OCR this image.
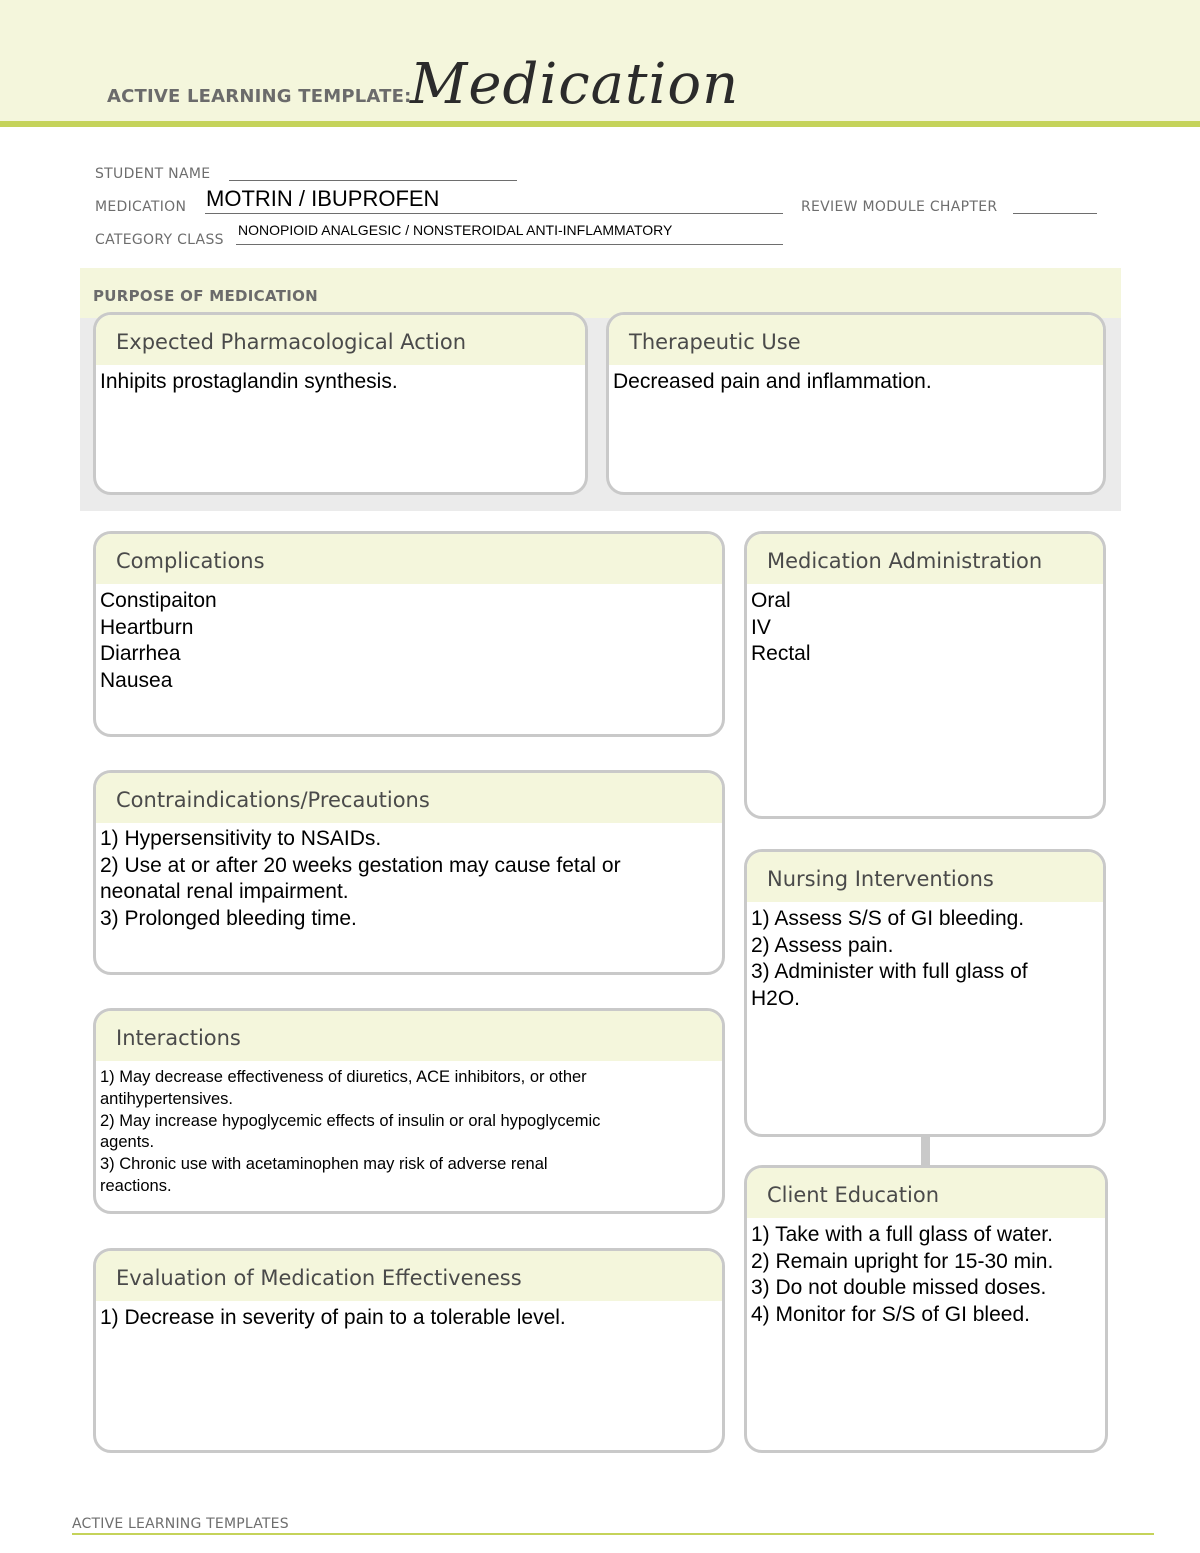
ACTIVE LEARNING TEMPLATE:
Medication
STUDENT NAME
MEDICATION MOTRIN / IBUPROFEN	REVIEW MODULE CHAPTER
CATEGORY CLASS
NONOPIOID ANALGESIC / NONSTEROIDAL ANTI-INFLAMMATORY
PURPOSE OF MEDICATION
Expected Pharmacological Action
Inhipits prostaglandin synthesis.
Therapeutic Use
Decreased pain and inflammation.
Complications
Constipaiton
Heartburn
Diarrhea
Nausea
Medication Administration
Oral
IV
Rectal
Contraindications/Precautions
1) Hypersensitivity to NSAIDs.
2) Use at or after 20 weeks gestation may cause fetal or
neonatal renal impairment.
3) Prolonged bleeding time.
Nursing Interventions
1) Assess S/S of GI bleeding.
2) Assess pain.
3) Administer with full glass of
H2O.
Interactions
1) May decrease effectiveness of diuretics, ACE inhibitors, or other
antihypertensives.
2) May increase hypoglycemic effects of insulin or oral hypoglycemic
agents.
3) Chronic use with acetaminophen may risk of adverse renal
reactions.	Client Education
1) Take with a full glass of water.
2) Remain upright for 15-30 min.
3) Do not double missed doses.
4) Monitor for S/S of GI bleed.
Evaluation of Medication Effectiveness
1) Decrease in severity of pain to a tolerable level.
ACTIVE LEARNING TEMPLATES
